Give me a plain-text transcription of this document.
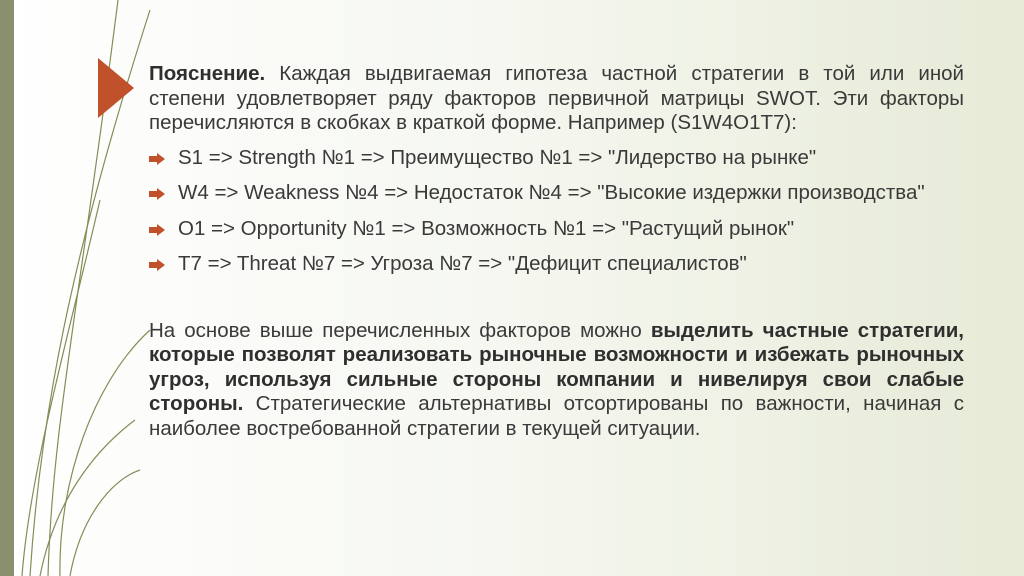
Пояснение. Каждая выдвигаемая гипотеза частной стратегии в той или иной степени удовлетворяет ряду факторов первичной матрицы SWOT. Эти факторы перечисляются в скобках в краткой форме. Например (S1W4O1T7):

S1 => Strength №1 => Преимущество №1 => "Лидерство на рынке"
W4 => Weakness №4 => Недостаток №4 => "Высокие издержки производства"
O1 => Opportunity №1 => Возможность №1 => "Растущий рынок"
T7 => Threat №7 => Угроза №7 => "Дефицит специалистов"

На основе выше перечисленных факторов можно выделить частные стратегии, которые позволят реализовать рыночные возможности и избежать рыночных угроз, используя сильные стороны компании и нивелируя свои слабые стороны. Стратегические альтернативы отсортированы по важности, начиная с наиболее востребованной стратегии в текущей ситуации.
